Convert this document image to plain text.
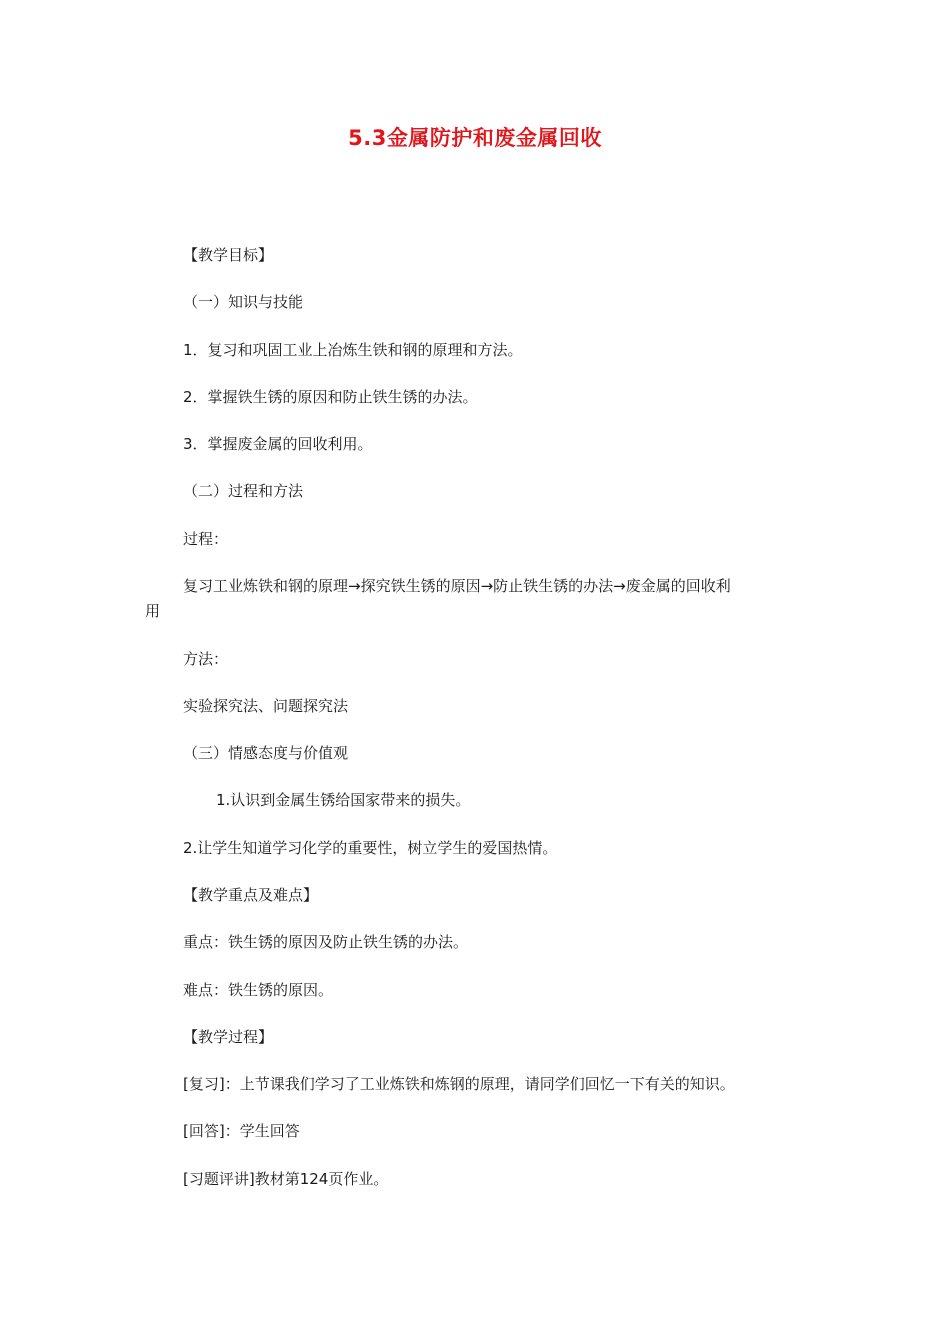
5.3金属防护和废金属回收
【教学目标】
（一）知识与技能
1．复习和巩固工业上冶炼生铁和钢的原理和方法。
2．掌握铁生锈的原因和防止铁生锈的办法。
3．掌握废金属的回收利用。
（二）过程和方法
过程：
复习工业炼铁和钢的原理→探究铁生锈的原因→防止铁生锈的办法→废金属的回收利
用
方法：
实验探究法、问题探究法
（三）情感态度与价值观
1.认识到金属生锈给国家带来的损失。
2.让学生知道学习化学的重要性，树立学生的爱国热情。
【教学重点及难点】
重点：铁生锈的原因及防止铁生锈的办法。
难点：铁生锈的原因。
【教学过程】
[复习]：上节课我们学习了工业炼铁和炼钢的原理，请同学们回忆一下有关的知识。
[回答]：学生回答
[习题评讲]教材第124页作业。
